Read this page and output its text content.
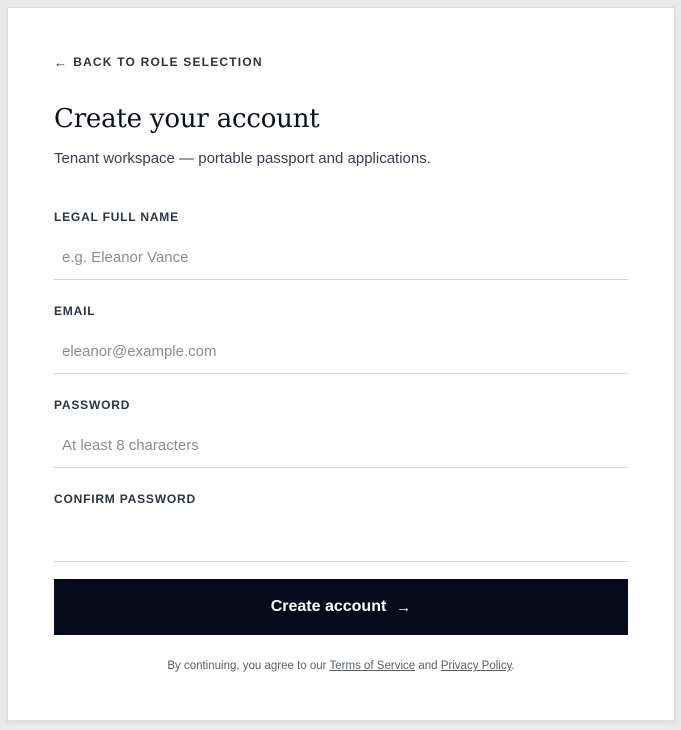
← BACK TO ROLE SELECTION
Create your account

Tenant workspace — portable passport and applications.

LEGAL FULL NAME
e.g. Eleanor Vance
EMAIL
eleanor@example.com
PASSWORD
CONFIRM PASSWORD
Create account →

By continuing, you agree to our Terms of Service and Privacy Policy.
